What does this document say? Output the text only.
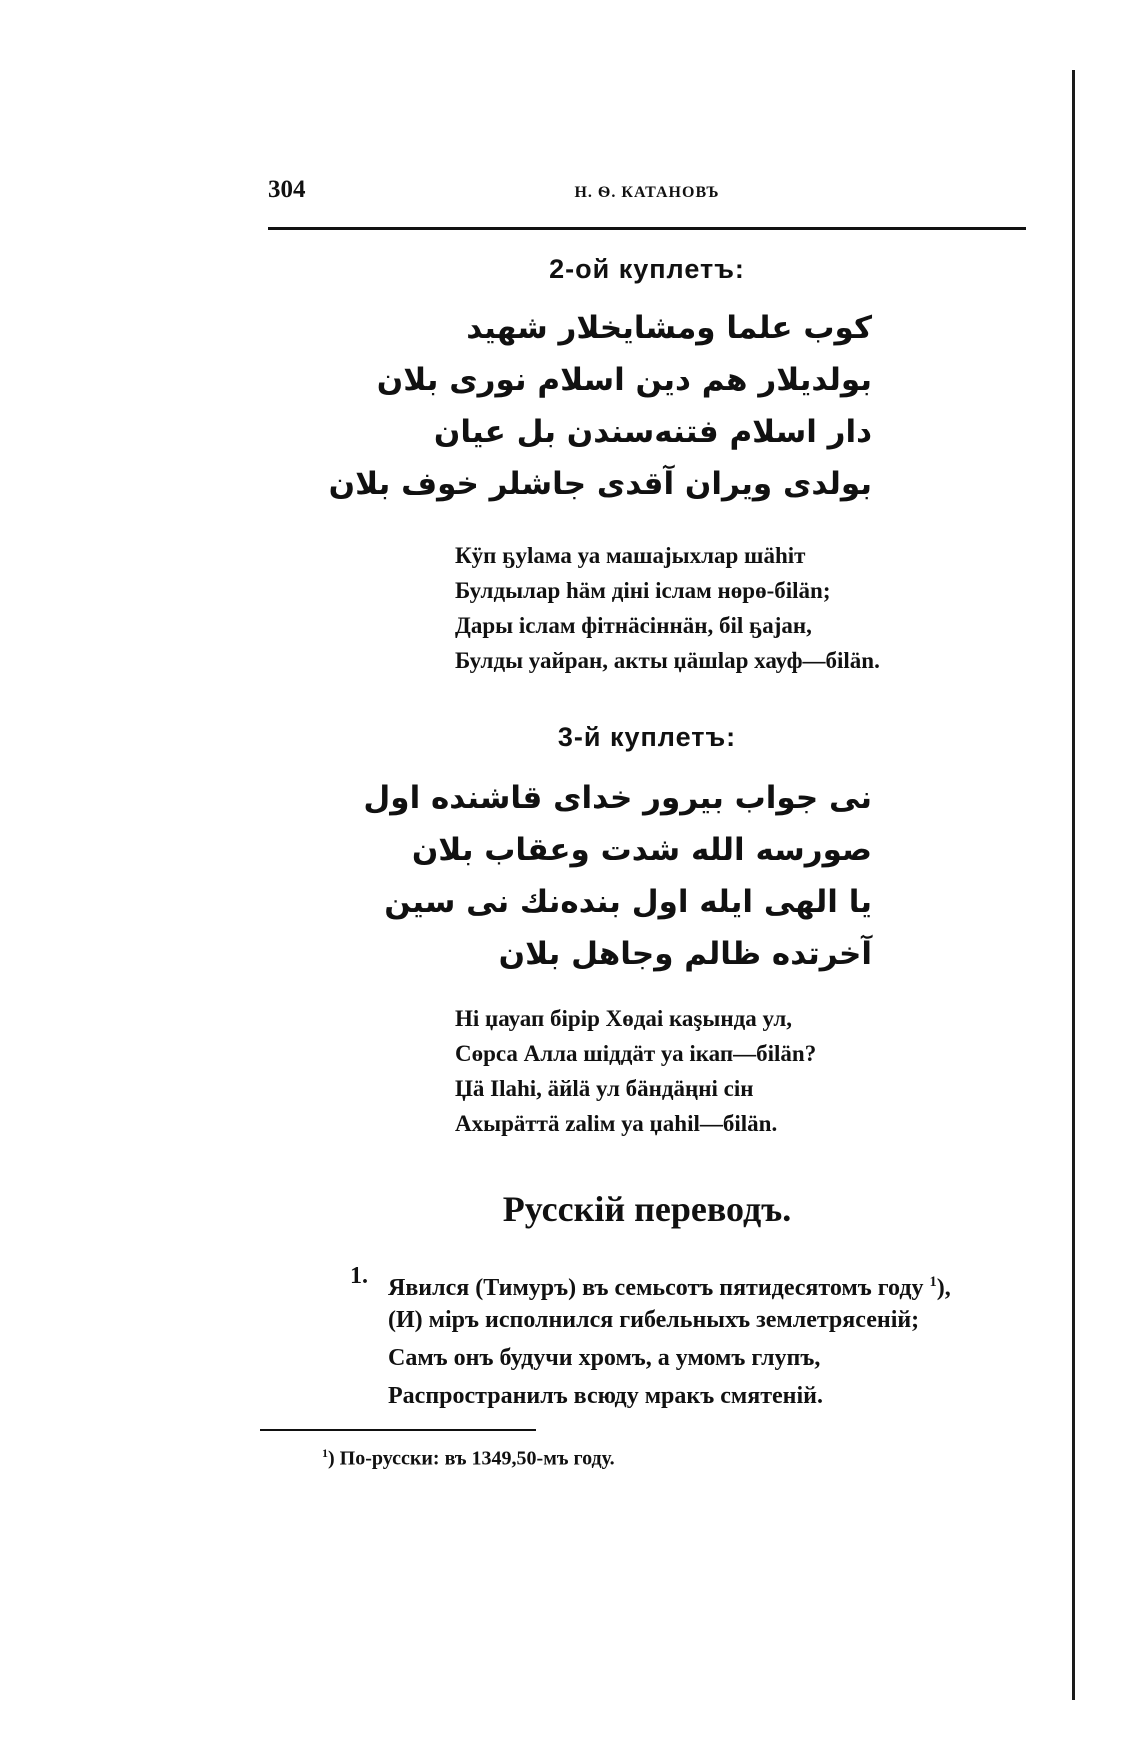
304	Н. Ѳ. КАТАНОВЪ
2-ой куплетъ:
كوب علما ومشايخلار شهيد
بولدیلار هم دین اسلام نوری بلان
دار اسلام فتنه‌سندن بل عيان
بولدی ویران آقدی جاشلر خوف بلان
Кӱп ҕуlама уа машаjыхлар шähіт
Булдылар häм діні іслам нөрө-біlän;
Дары іслам фітнäсіннäн, біl ҕаjан,
Булды уайран, акты џäшlар хауф—біlän.
3-й куплетъ:
نی جواب بیرور خدای قاشنده اول
صورسه الله شدت وعقاب بلان
يا الهی ايله اول بنده‌نك نی سین
آخرتده ظالم وجاهل بلان
Ні џауап бірір Хөдаі каşында ул,
Сөрса Алла шіддäт уа ікап—біlän?
Џä Ilahi, äйlä ул бäндäңні сін
Ахырäттä zalім уа џahil—біlän.
Русскій переводъ.
1. Явился (Тимуръ) въ семьсотъ пятидесятомъ году $^1$),
(И) міръ исполнился гибельныхъ землетрясеній;
Самъ онъ будучи хромъ, а умомъ глупъ,
Распространилъ всюду мракъ смятеній.
$^1$) По-русски: въ 1349,50-мъ году.
